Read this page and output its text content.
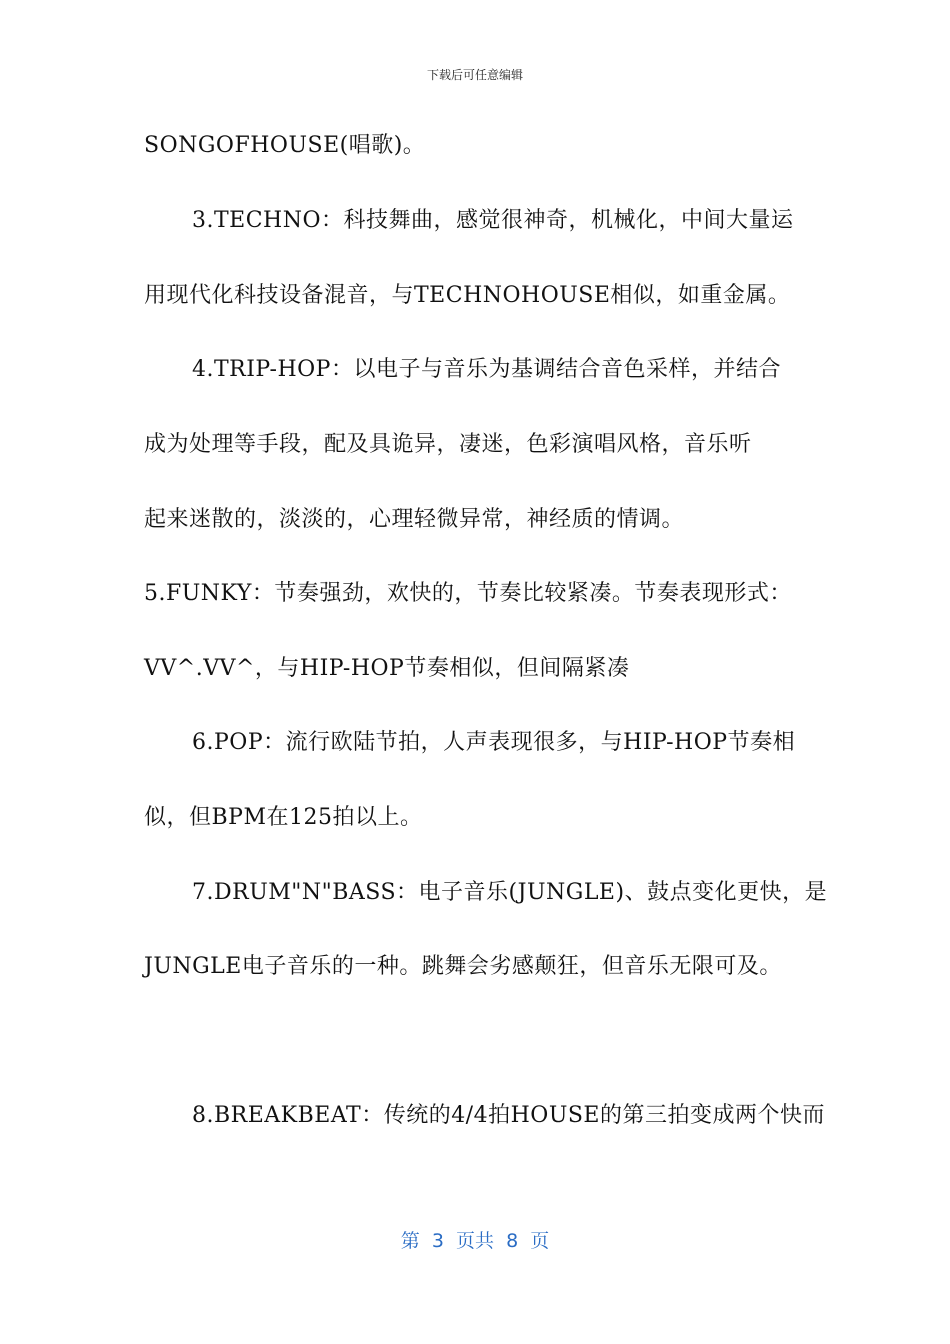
下载后可任意编辑
SONGOFHOUSE(唱歌)。
3.TECHNO：科技舞曲，感觉很神奇，机械化，中间大量运
用现代化科技设备混音，与TECHNOHOUSE相似，如重金属。
4.TRIP-HOP：以电子与音乐为基调结合音色采样，并结合
成为处理等手段，配及具诡异，凄迷，色彩演唱风格，音乐听
起来迷散的，淡淡的，心理轻微异常，神经质的情调。
5.FUNKY：节奏强劲，欢快的，节奏比较紧凑。节奏表现形式：
VV^.VV^，与HIP-HOP节奏相似，但间隔紧凑
6.POP：流行欧陆节拍，人声表现很多，与HIP-HOP节奏相
似，但BPM在125拍以上。
7.DRUM"N"BASS：电子音乐(JUNGLE)、鼓点变化更快，是
JUNGLE电子音乐的一种。跳舞会劣感颠狂，但音乐无限可及。
8.BREAKBEAT：传统的4/4拍HOUSE的第三拍变成两个快而
第  3  页共  8  页
